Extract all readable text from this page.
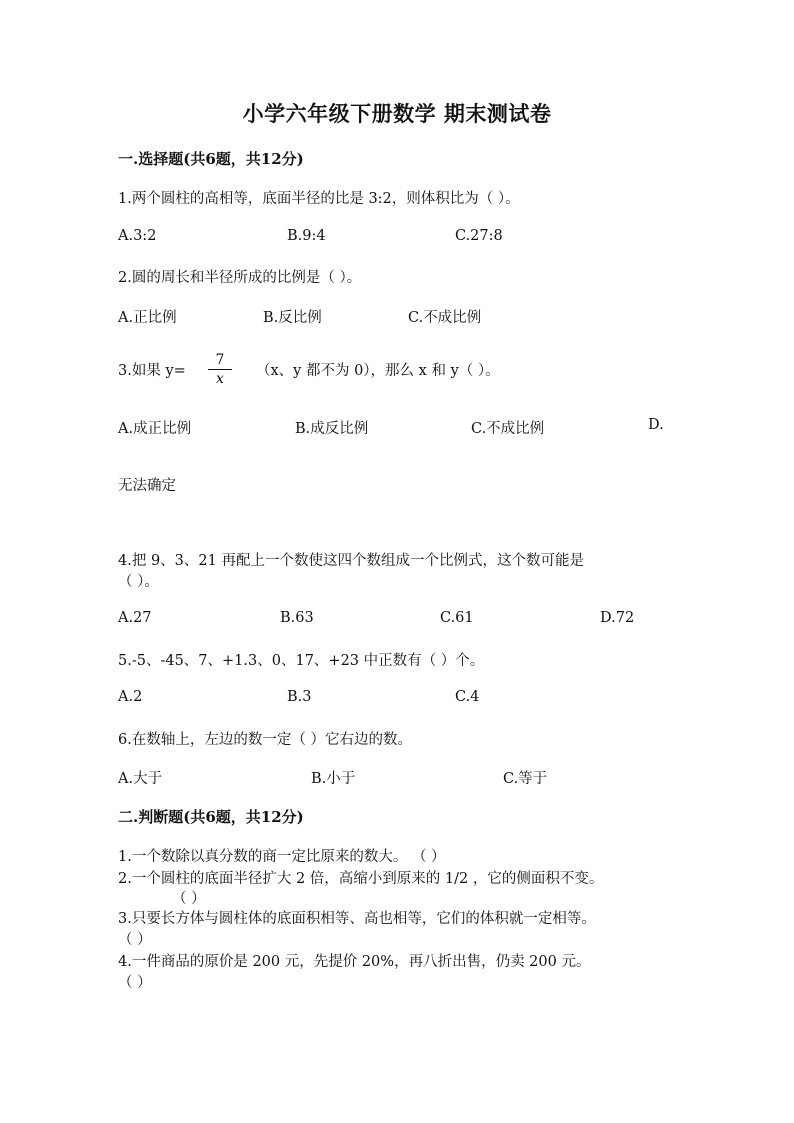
小学六年级下册数学 期末测试卷
一.选择题(共6题，共12分)
1.两个圆柱的高相等，底面半径的比是 3:2，则体积比为（ ）。
A.3:2	B.9:4	C.27:8
2.圆的周长和半径所成的比例是（ ）。
A.正比例	B.反比例	C.不成比例
3.如果 y=
7
x	（x、y 都不为 0），那么 x 和 y（ ）。
A.成正比例	B.成反比例	C.不成比例	D.
无法确定
4.把 9、3、21 再配上一个数使这四个数组成一个比例式，这个数可能是
（ ）。
A.27	B.63	C.61	D.72
5.-5、-45、7、+1.3、0、17、+23 中正数有（ ）个。
A.2	B.3	C.4
6.在数轴上，左边的数一定（ ）它右边的数。
A.大于	B.小于	C.等于
二.判断题(共6题，共12分)
1.一个数除以真分数的商一定比原来的数大。 （ ）
2.一个圆柱的底面半径扩大 2 倍，高缩小到原来的 1/2 ，它的侧面积不变。
（ ）
3.只要长方体与圆柱体的底面积相等、高也相等，它们的体积就一定相等。
（ ）
4.一件商品的原价是 200 元，先提价 20%，再八折出售，仍卖 200 元。
（ ）
